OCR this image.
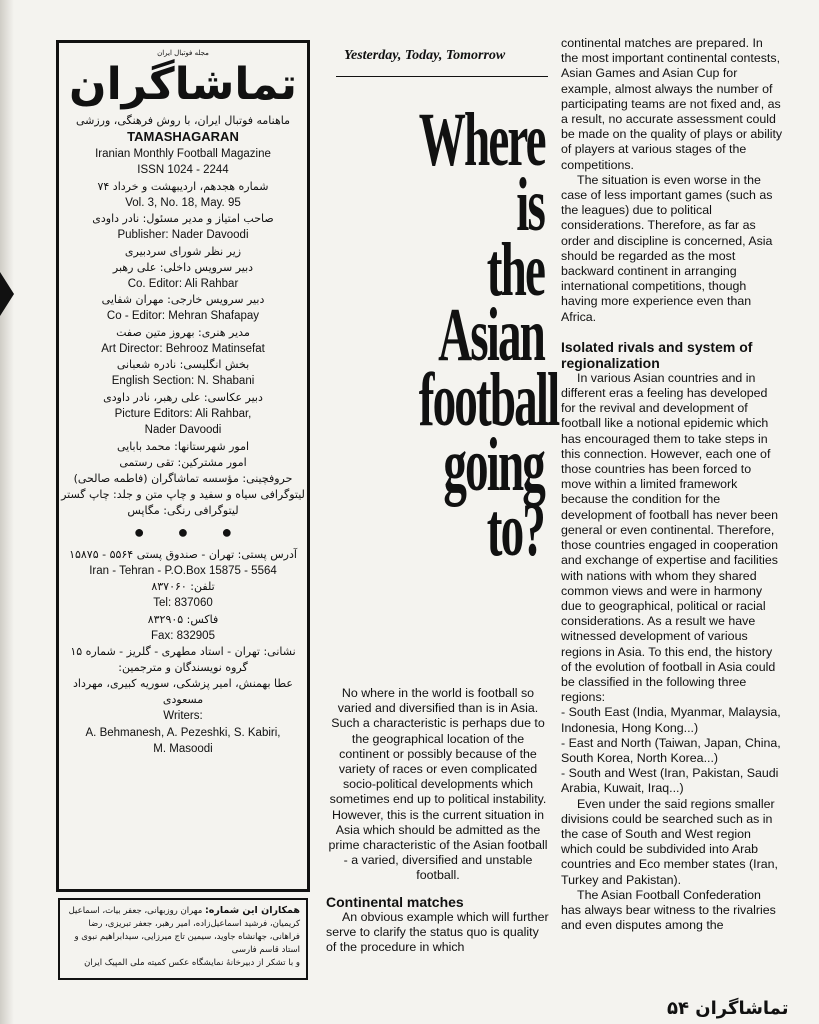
مجله فوتبال ایران
تماشاگران
ماهنامه فوتبال ایران، با روش فرهنگی، ورزشی
TAMASHAGARAN
Iranian Monthly Football Magazine
ISSN 1024 - 2244
شماره هجدهم، اردیبهشت و خرداد ۷۴
Vol. 3, No. 18, May. 95
صاحب امتیاز و مدیر مسئول: نادر داودی
Publisher: Nader Davoodi
زیر نظر شورای سردبیری
دبیر سرویس داخلی: علی رهبر
Co. Editor: Ali Rahbar
دبیر سرویس خارجی: مهران شفایی
Co - Editor: Mehran Shafapay
مدیر هنری: بهروز متین صفت
Art Director: Behrooz Matinsefat
بخش انگلیسی: نادره شعبانی
English Section: N. Shabani
دبیر عکاسی: علی رهبر، نادر داودی
Picture Editors: Ali Rahbar,
Nader Davoodi
امور شهرستانها: محمد بابایی
امور مشترکین: تقی رستمی
حروفچینی: مؤسسه تماشاگران (فاطمه صالحی)
لیتوگرافی سیاه و سفید و چاپ متن و جلد: چاپ گستر
لیتوگرافی رنگی: مگاپس
● ● ●
آدرس پستی: تهران - صندوق پستی ۵۵۶۴ - ۱۵۸۷۵
Iran - Tehran - P.O.Box 15875 - 5564
تلفن: ۸۳۷۰۶۰
Tel: 837060
فاکس: ۸۳۲۹۰۵
Fax: 832905
نشانی: تهران - استاد مطهری - گلریز - شماره ۱۵
گروه نویسندگان و مترجمین:
عطا بهمنش، امیر پزشکی، سوریه کبیری، مهرداد
مسعودی
Writers:
A. Behmanesh, A. Pezeshki, S. Kabiri,
M. Masoodi
همکاران این شماره: مهران روزبهانی، جعفر بیات، اسماعیل کریمیان، فرشید اسماعیل‌زاده، امیر رهبر، جعفر تبریزی، رضا فراهانی، جهانشاه جاوید، سیمین تاج میرزایی، سیدابراهیم نبوی و استاد قاسم فارسی
و با تشکر از دبیرخانهٔ نمایشگاه عکس کمیته ملی المپیک ایران
Yesterday, Today, Tomorrow
Where
is
the
Asian
football
going
to?

No where in the world is football so varied and diversified than is in Asia. Such a characteristic is perhaps due to the geographical location of the continent or possibly because of the variety of races or even complicated socio-political developments which sometimes end up to political instability. However, this is the current situation in Asia which should be admitted as the prime characteristic of the Asian football - a varied, diversified and unstable football.

Continental matches

An obvious example which will further serve to clarify the status quo is quality of the procedure in which

continental matches are prepared. In the most important continental contests, Asian Games and Asian Cup for example, almost always the number of participating teams are not fixed and, as a result, no accurate assessment could be made on the quality of plays or ability of players at various stages of the competitions.

The situation is even worse in the case of less important games (such as the leagues) due to political considerations. Therefore, as far as order and discipline is concerned, Asia should be regarded as the most backward continent in arranging international competitions, though having more experience even than Africa.

Isolated rivals and system of regionalization

In various Asian countries and in different eras a feeling has developed for the revival and development of football like a notional epidemic which has encouraged them to take steps in this connection. However, each one of those countries has been forced to move within a limited framework because the condition for the development of football has never been general or even continental. Therefore, those countries engaged in cooperation and exchange of expertise and facilities with nations with whom they shared common views and were in harmony due to geographical, political or racial considerations. As a result we have witnessed development of various regions in Asia. To this end, the history of the evolution of football in Asia could be classified in the following three regions:

- South East (India, Myanmar, Malaysia, Indonesia, Hong Kong...)

- East and North (Taiwan, Japan, China, South Korea, North Korea...)

- South and West (Iran, Pakistan, Saudi Arabia, Kuwait, Iraq...)

Even under the said regions smaller divisions could be searched such as in the case of South and West region which could be subdivided into Arab countries and Eco member states (Iran, Turkey and Pakistan).

The Asian Football Confederation has always bear witness to the rivalries and even disputes among the

تماشاگران ۵۴
